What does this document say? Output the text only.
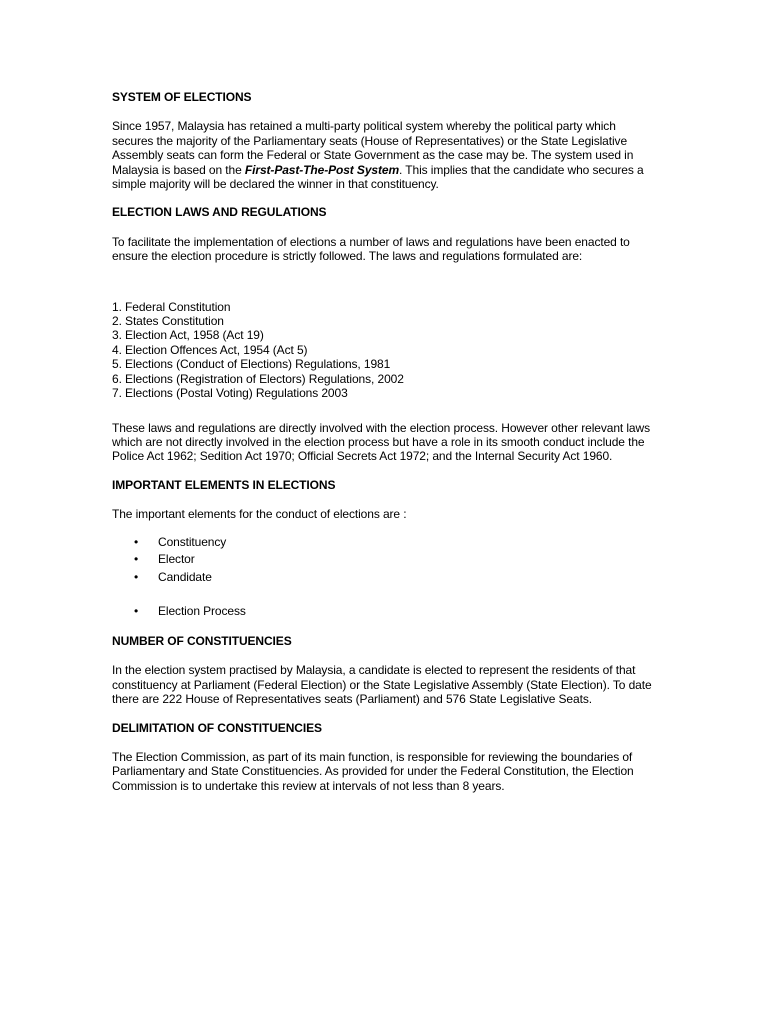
SYSTEM OF ELECTIONS

Since 1957, Malaysia has retained a multi-party political system whereby the political party which secures the majority of the Parliamentary seats (House of Representatives) or the State Legislative Assembly seats can form the Federal or State Government as the case may be. The system used in Malaysia is based on the First-Past-The-Post System. This implies that the candidate who secures a simple majority will be declared the winner in that constituency.

ELECTION LAWS AND REGULATIONS

To facilitate the implementation of elections a number of laws and regulations have been enacted to ensure the election procedure is strictly followed. The laws and regulations formulated are:

1. Federal Constitution
2. States Constitution
3. Election Act, 1958 (Act 19)
4. Election Offences Act, 1954 (Act 5)
5. Elections (Conduct of Elections) Regulations, 1981
6. Elections (Registration of Electors) Regulations, 2002
7. Elections (Postal Voting) Regulations 2003

These laws and regulations are directly involved with the election process. However other relevant laws which are not directly involved in the election process but have a role in its smooth conduct include the Police Act 1962; Sedition Act 1970; Official Secrets Act 1972; and the Internal Security Act 1960.

IMPORTANT ELEMENTS IN ELECTIONS

The important elements for the conduct of elections are :

• Constituency
• Elector
• Candidate
• Election Process
NUMBER OF CONSTITUENCIES

In the election system practised by Malaysia, a candidate is elected to represent the residents of that constituency at Parliament (Federal Election) or the State Legislative Assembly (State Election). To date there are 222 House of Representatives seats (Parliament) and 576 State Legislative Seats.

DELIMITATION OF CONSTITUENCIES

The Election Commission, as part of its main function, is responsible for reviewing the boundaries of Parliamentary and State Constituencies. As provided for under the Federal Constitution, the Election Commission is to undertake this review at intervals of not less than 8 years.
